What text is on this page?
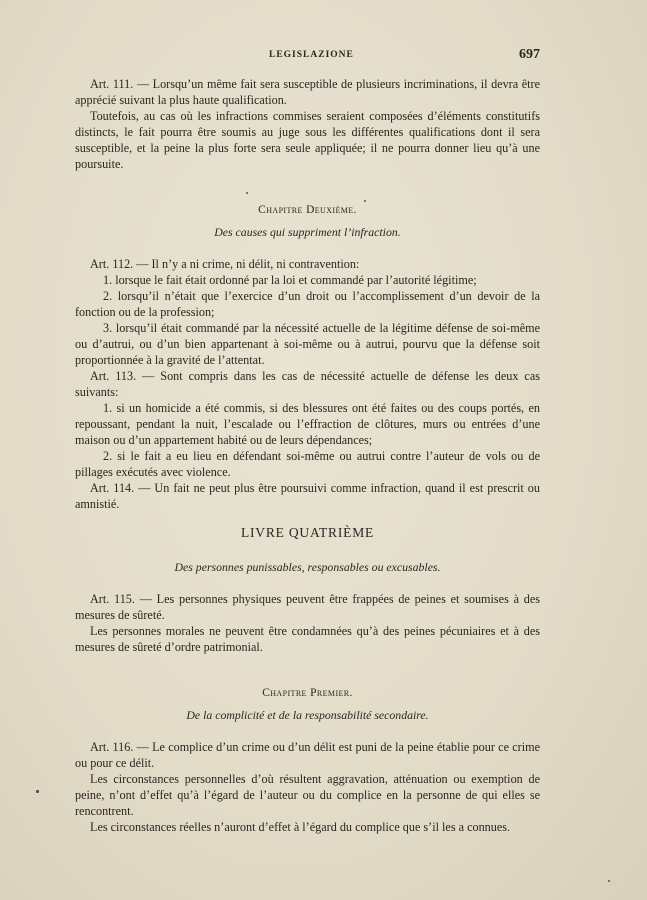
LEGISLAZIONE	697

Art. 111. — Lorsqu’un même fait sera susceptible de plusieurs incriminations, il devra être apprécié suivant la plus haute qualification.

Toutefois, au cas où les infractions commises seraient composées d’éléments constitutifs distincts, le fait pourra être soumis au juge sous les différentes qualifications dont il sera susceptible, et la peine la plus forte sera seule appliquée; il ne pourra donner lieu qu’à une poursuite.

Chapitre Deuxième.
Des causes qui suppriment l’infraction.

Art. 112. — Il n’y a ni crime, ni délit, ni contravention:

1. lorsque le fait était ordonné par la loi et commandé par l’autorité légitime;

2. lorsqu’il n’était que l’exercice d’un droit ou l’accomplissement d’un devoir de la fonction ou de la profession;

3. lorsqu’il était commandé par la nécessité actuelle de la légitime défense de soi-même ou d’autrui, ou d’un bien appartenant à soi-même ou à autrui, pourvu que la défense soit proportionnée à la gravité de l’attentat.

Art. 113. — Sont compris dans les cas de nécessité actuelle de défense les deux cas suivants:

1. si un homicide a été commis, si des blessures ont été faites ou des coups portés, en repoussant, pendant la nuit, l’escalade ou l’effraction de clôtures, murs ou entrées d’une maison ou d’un appartement habité ou de leurs dépendances;

2. si le fait a eu lieu en défendant soi-même ou autrui contre l’auteur de vols ou de pillages exécutés avec violence.

Art. 114. — Un fait ne peut plus être poursuivi comme infraction, quand il est prescrit ou amnistié.

LIVRE QUATRIÈME
Des personnes punissables, responsables ou excusables.

Art. 115. — Les personnes physiques peuvent être frappées de peines et soumises à des mesures de sûreté.

Les personnes morales ne peuvent être condamnées qu’à des peines pécuniaires et à des mesures de sûreté d’ordre patrimonial.

Chapitre Premier.
De la complicité et de la responsabilité secondaire.

Art. 116. — Le complice d’un crime ou d’un délit est puni de la peine établie pour ce crime ou pour ce délit.

Les circonstances personnelles d’où résultent aggravation, atténuation ou exemption de peine, n’ont d’effet qu’à l’égard de l’auteur ou du complice en la personne de qui elles se rencontrent.

Les circonstances réelles n’auront d’effet à l’égard du complice que s’il les a connues.
